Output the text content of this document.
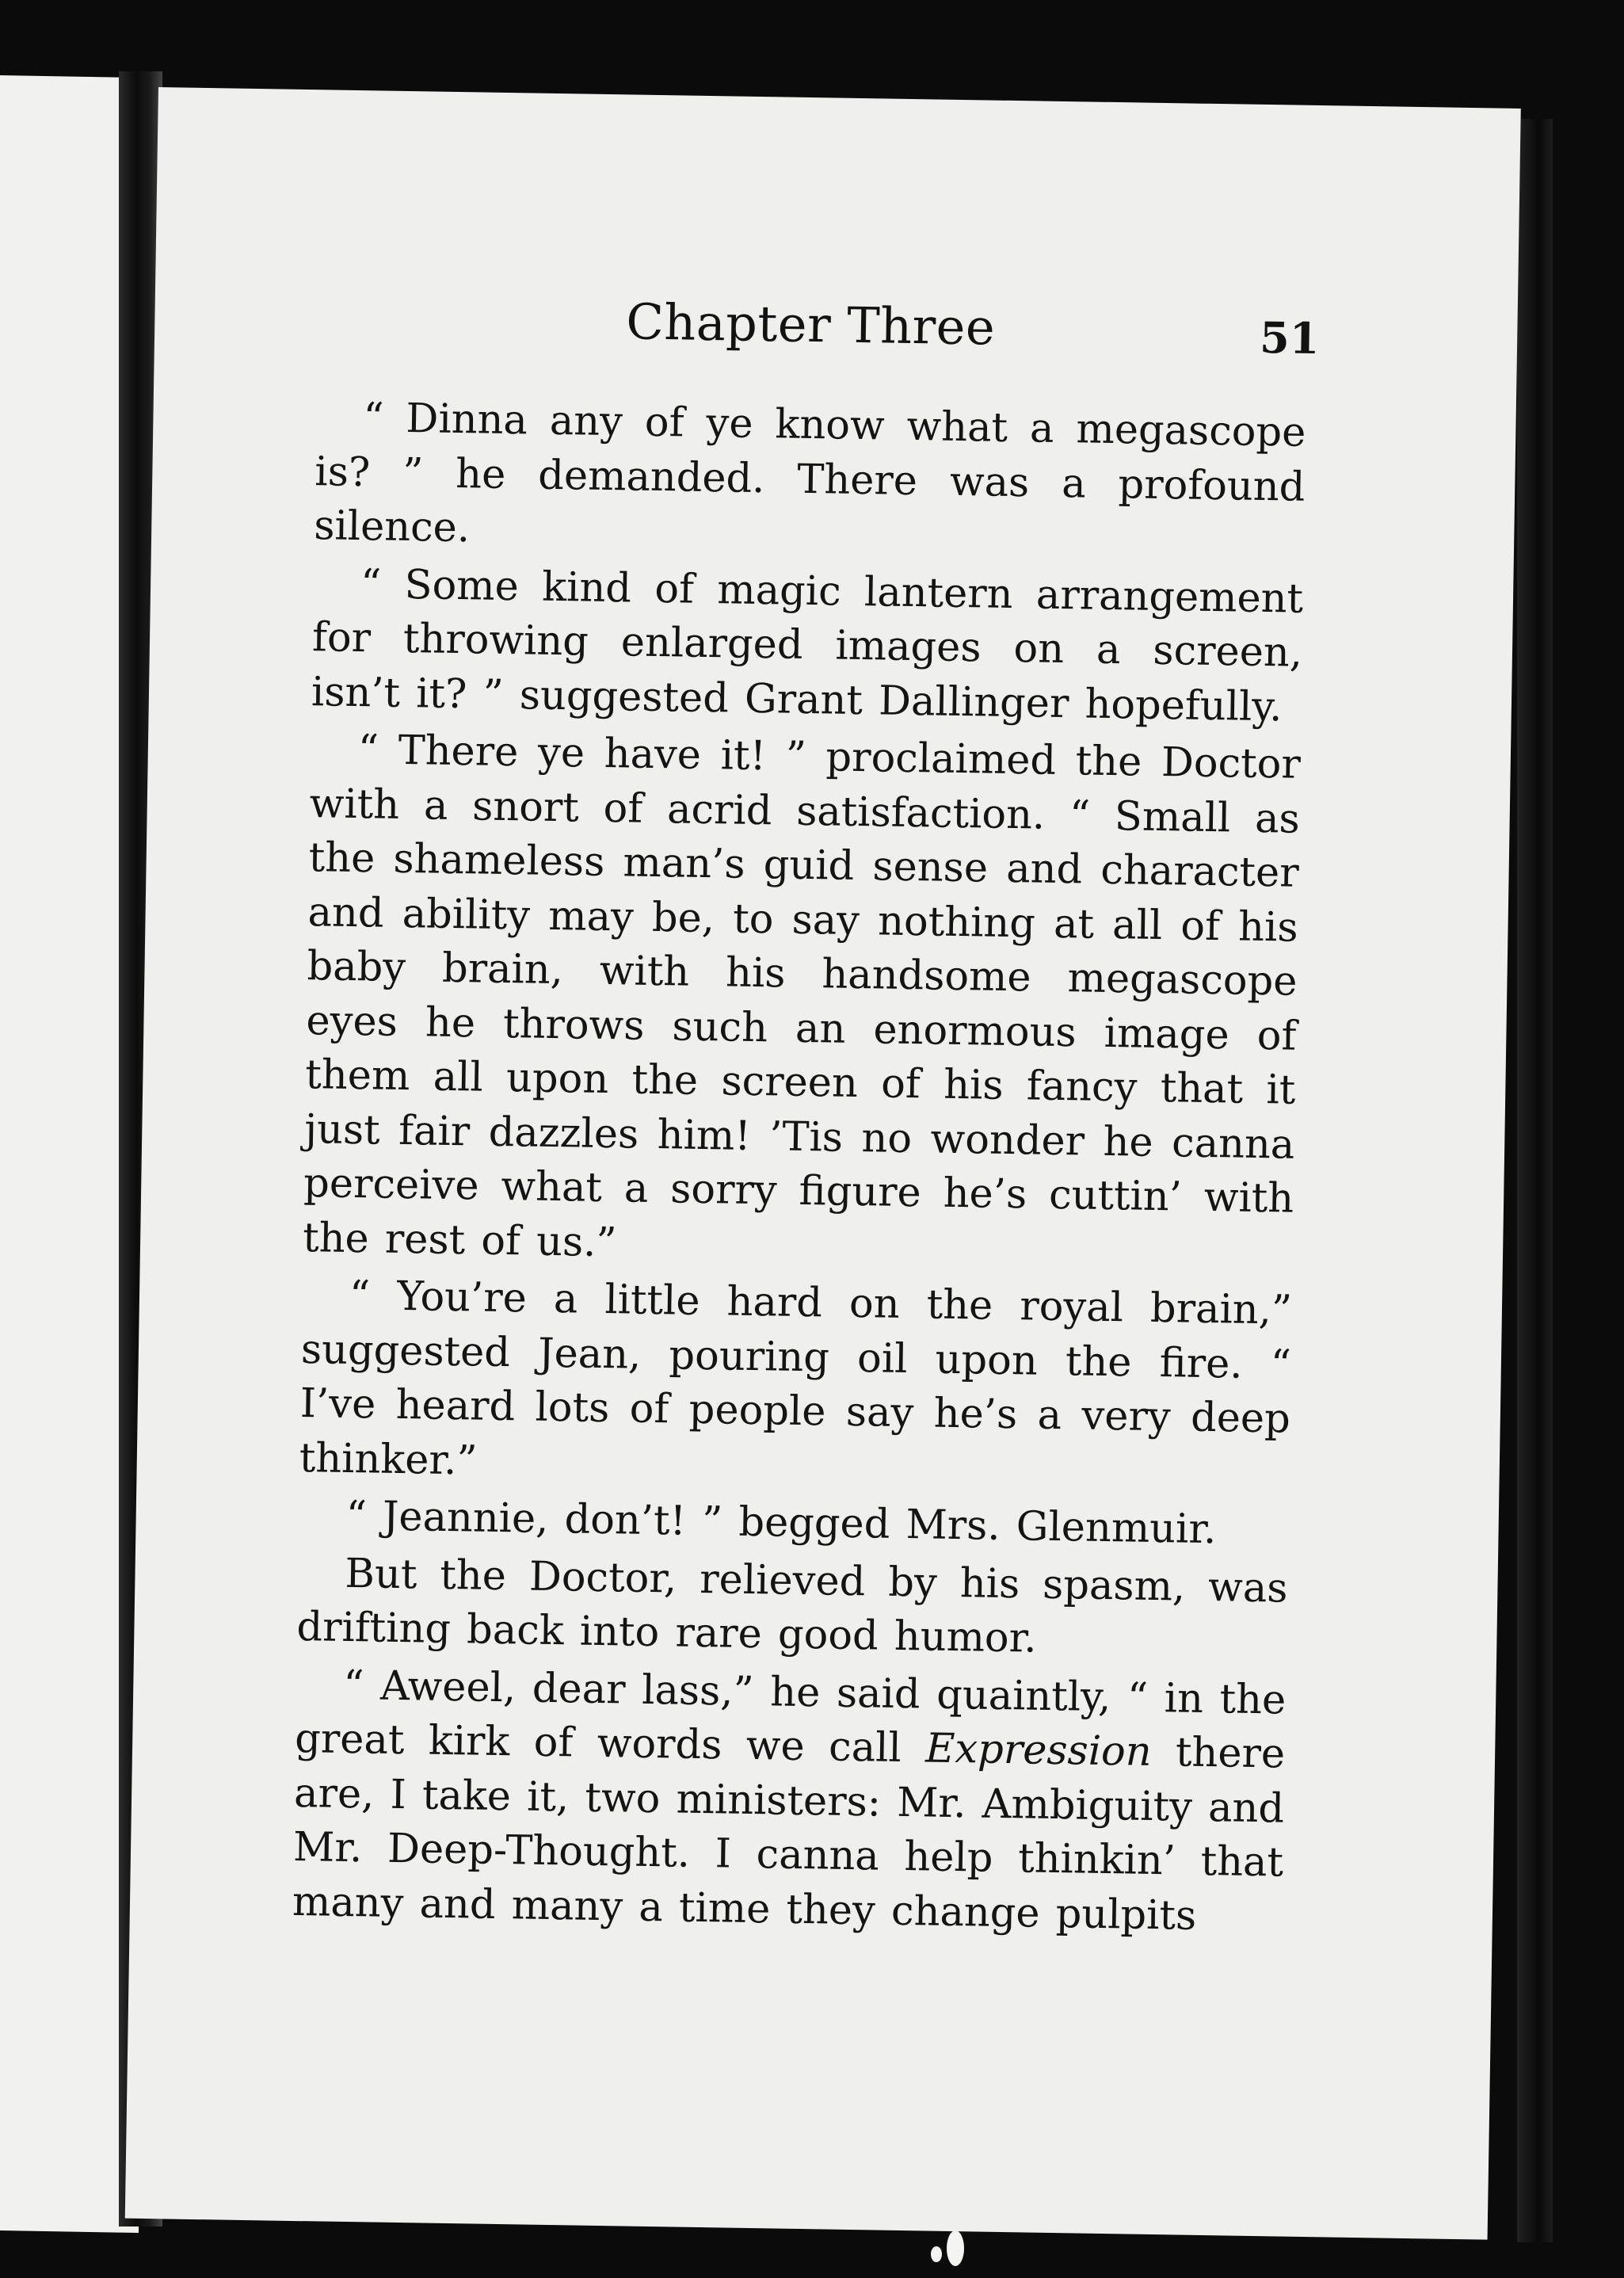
Chapter Three	51

“ Dinna any of ye know what a megascope is? ” he demanded. There was a profound silence.

“ Some kind of magic lantern arrangement for throwing enlarged images on a screen, isn’t it? ” suggested Grant Dallinger hopefully.

“ There ye have it! ” proclaimed the Doctor with a snort of acrid satisfaction. “ Small as the shameless man’s guid sense and character and ability may be, to say nothing at all of his baby brain, with his handsome megascope eyes he throws such an enormous image of them all upon the screen of his fancy that it just fair dazzles him! ’Tis no wonder he canna perceive what a sorry figure he’s cuttin’ with the rest of us.”

“ You’re a little hard on the royal brain,” suggested Jean, pouring oil upon the fire. “ I’ve heard lots of people say he’s a very deep thinker.”

“ Jeannie, don’t! ” begged Mrs. Glenmuir.

But the Doctor, relieved by his spasm, was drifting back into rare good humor.

“ Aweel, dear lass,” he said quaintly, “ in the great kirk of words we call Expression there are, I take it, two ministers: Mr. Ambiguity and Mr. Deep-Thought. I canna help thinkin’ that many and many a time they change pulpits
